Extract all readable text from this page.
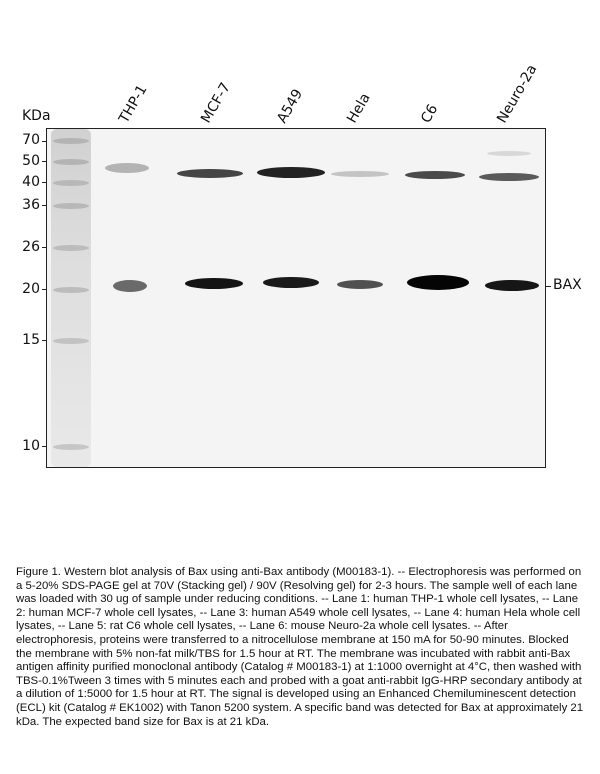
THP-1	MCF-7	A549	Hela	C6	Neuro-2a
KDa
70
50
40
36
26
20
15
10
BAX
Figure 1. Western blot analysis of Bax using anti-Bax antibody (M00183-1). -- Electrophoresis was performed on a 5-20% SDS-PAGE gel at 70V (Stacking gel) / 90V (Resolving gel) for 2-3 hours. The sample well of each lane was loaded with 30 ug of sample under reducing conditions. -- Lane 1: human THP-1 whole cell lysates, -- Lane 2: human MCF-7 whole cell lysates, -- Lane 3: human A549 whole cell lysates, -- Lane 4: human Hela whole cell lysates, -- Lane 5: rat C6 whole cell lysates, -- Lane 6: mouse Neuro-2a whole cell lysates. -- After electrophoresis, proteins were transferred to a nitrocellulose membrane at 150 mA for 50-90 minutes. Blocked the membrane with 5% non-fat milk/TBS for 1.5 hour at RT. The membrane was incubated with rabbit anti-Bax antigen affinity purified monoclonal antibody (Catalog # M00183-1) at 1:1000 overnight at 4°C, then washed with TBS-0.1%Tween 3 times with 5 minutes each and probed with a goat anti-rabbit IgG-HRP secondary antibody at a dilution of 1:5000 for 1.5 hour at RT. The signal is developed using an Enhanced Chemiluminescent detection (ECL) kit (Catalog # EK1002) with Tanon 5200 system. A specific band was detected for Bax at approximately 21 kDa. The expected band size for Bax is at 21 kDa.
